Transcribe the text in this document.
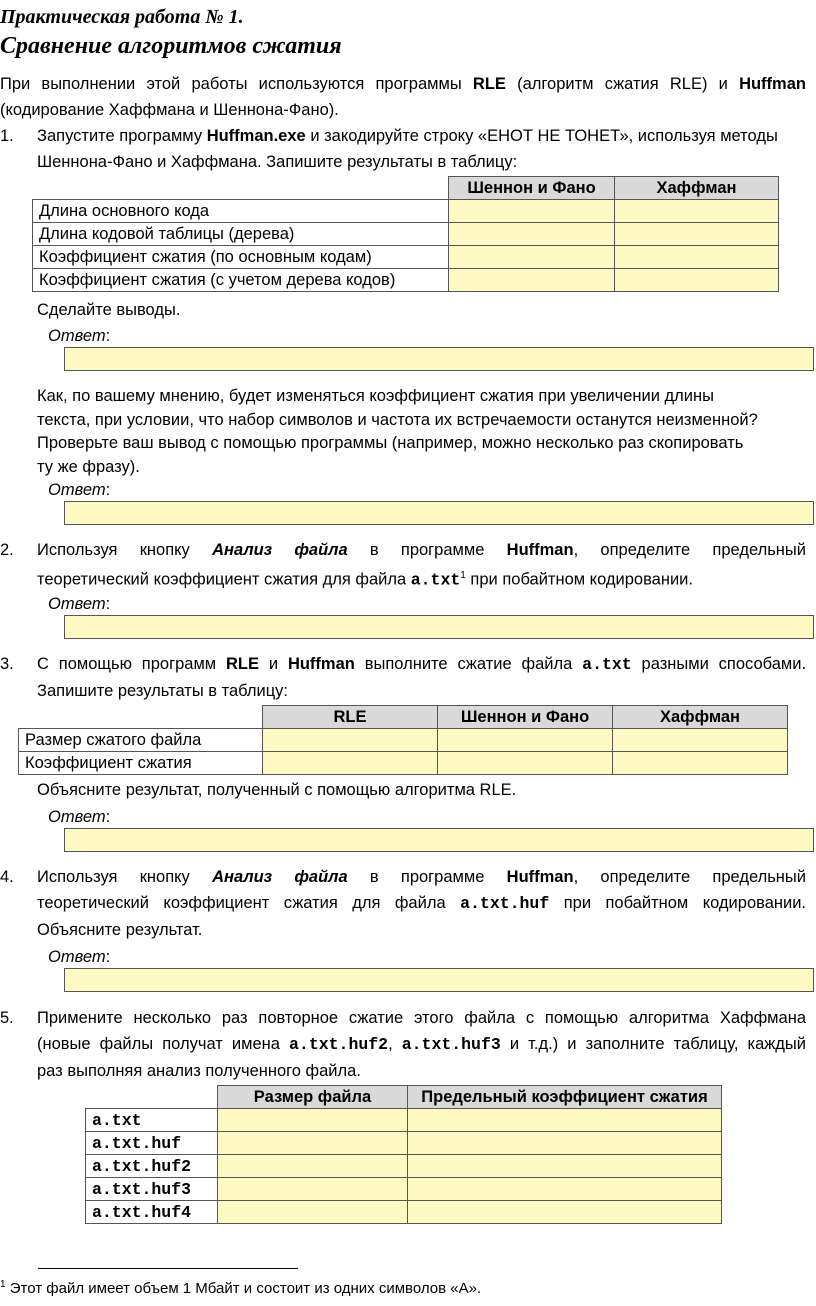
Практическая работа № 1.
Сравнение алгоритмов сжатия
При выполнении этой работы используются программы RLE (алгоритм сжатия RLE) и Huffman
(кодирование Хаффмана и Шеннона-Фано).
1.	Запустите программу Huffman.exe и закодируйте строку «ЕНОТ НЕ ТОНЕТ», используя методы
Шеннона-Фано и Хаффмана. Запишите результаты в таблицу:
	Шеннон и Фано	Хаффман
Длина основного кода		
Длина кодовой таблицы (дерева)		
Коэффициент сжатия (по основным кодам)		
Коэффициент сжатия (с учетом дерева кодов)		
Сделайте выводы.
Ответ:
Как, по вашему мнению, будет изменяться коэффициент сжатия при увеличении длины
текста, при условии, что набор символов и частота их встречаемости останутся неизменной?
Проверьте ваш вывод с помощью программы (например, можно несколько раз скопировать
ту же фразу).
Ответ:
2.	Используя кнопку Анализ файла в программе Huffman, определите предельный
теоретический коэффициент сжатия для файла a.txt$^1$ при побайтном кодировании.
Ответ:
3.	С помощью программ RLE и Huffman выполните сжатие файла a.txt разными способами.
Запишите результаты в таблицу:
	RLE	Шеннон и Фано	Хаффман
Размер сжатого файла			
Коэффициент сжатия			
Объясните результат, полученный с помощью алгоритма RLE.
Ответ:
4.	Используя кнопку Анализ файла в программе Huffman, определите предельный
теоретический коэффициент сжатия для файла a.txt.huf при побайтном кодировании.
Объясните результат.
Ответ:
5.	Примените несколько раз повторное сжатие этого файла с помощью алгоритма Хаффмана
(новые файлы получат имена a.txt.huf2, a.txt.huf3 и т.д.) и заполните таблицу, каждый
раз выполняя анализ полученного файла.
	Размер файла	Предельный коэффициент сжатия
a.txt		
a.txt.huf		
a.txt.huf2		
a.txt.huf3		
a.txt.huf4		
$^1$ Этот файл имеет объем 1 Мбайт и состоит из одних символов «А».
